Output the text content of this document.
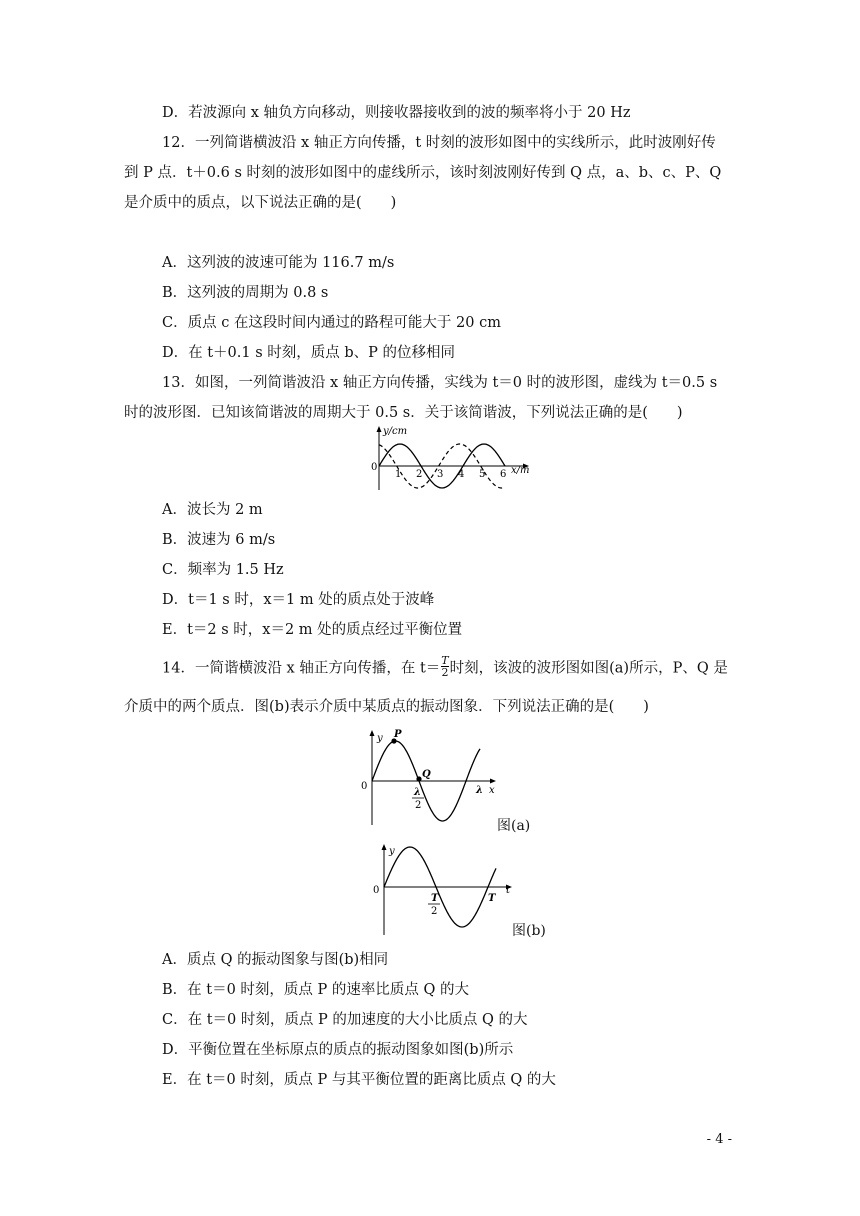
D．若波源向 x 轴负方向移动，则接收器接收到的波的频率将小于 20 Hz
12．一列简谐横波沿 x 轴正方向传播，t 时刻的波形如图中的实线所示，此时波刚好传
到 P 点．t＋0.6 s 时刻的波形如图中的虚线所示，该时刻波刚好传到 Q 点，a、b、c、P、Q
是介质中的质点，以下说法正确的是(　　)
A．这列波的波速可能为 116.7 m/s
B．这列波的周期为 0.8 s
C．质点 c 在这段时间内通过的路程可能大于 20 cm
D．在 t＋0.1 s 时刻，质点 b、P 的位移相同
13．如图，一列简谐波沿 x 轴正方向传播，实线为 t＝0 时的波形图，虚线为 t＝0.5 s
时的波形图．已知该简谐波的周期大于 0.5 s．关于该简谐波，下列说法正确的是(　　)
y/cm
0
1 2 3 4 5 6 x/m
A．波长为 2 m
B．波速为 6 m/s
C．频率为 1.5 Hz
D．t＝1 s 时，x＝1 m 处的质点处于波峰
E．t＝2 s 时，x＝2 m 处的质点经过平衡位置
14．一简谐横波沿 x 轴正方向传播，在 $t= \frac{T}{2}$ 时刻，该波的波形图如图(a)所示，P、Q 是
介质中的两个质点．图(b)表示介质中某质点的振动图象．下列说法正确的是(　　)
y P
Q
0
λ
2
λ x
图(a)
y
0
T
2
T
t
图(b)
A．质点 Q 的振动图象与图(b)相同
B．在 t＝0 时刻，质点 P 的速率比质点 Q 的大
C．在 t＝0 时刻，质点 P 的加速度的大小比质点 Q 的大
D．平衡位置在坐标原点的质点的振动图象如图(b)所示
E．在 t＝0 时刻，质点 P 与其平衡位置的距离比质点 Q 的大
- 4 -
